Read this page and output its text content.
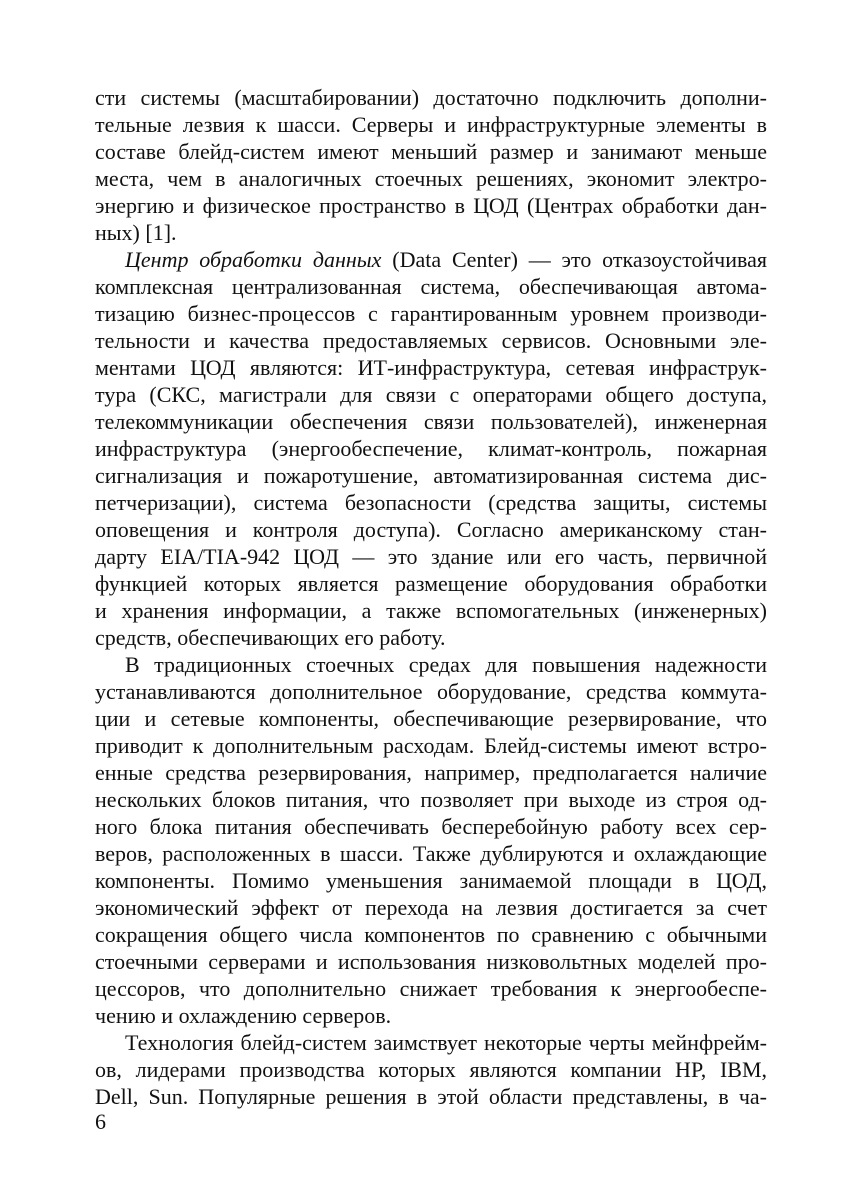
сти системы (масштабировании) достаточно подключить дополни-
тельные лезвия к шасси. Серверы и инфраструктурные элементы в
составе блейд-систем имеют меньший размер и занимают меньше
места, чем в аналогичных стоечных решениях, экономит электро-
энергию и физическое пространство в ЦОД (Центрах обработки дан-
ных) [1].
Центр обработки данных (Data Center) — это отказоустойчивая
комплексная централизованная система, обеспечивающая автома-
тизацию бизнес-процессов с гарантированным уровнем производи-
тельности и качества предоставляемых сервисов. Основными эле-
ментами ЦОД являются: ИТ-инфраструктура, сетевая инфраструк-
тура (СКС, магистрали для связи с операторами общего доступа,
телекоммуникации обеспечения связи пользователей), инженерная
инфраструктура (энергообеспечение, климат-контроль, пожарная
сигнализация и пожаротушение, автоматизированная система дис-
петчеризации), система безопасности (средства защиты, системы
оповещения и контроля доступа). Согласно американскому стан-
дарту EIA/TIA-942 ЦОД — это здание или его часть, первичной
функцией которых является размещение оборудования обработки
и хранения информации, а также вспомогательных (инженерных)
средств, обеспечивающих его работу.
В традиционных стоечных средах для повышения надежности
устанавливаются дополнительное оборудование, средства коммута-
ции и сетевые компоненты, обеспечивающие резервирование, что
приводит к дополнительным расходам. Блейд-системы имеют встро-
енные средства резервирования, например, предполагается наличие
нескольких блоков питания, что позволяет при выходе из строя од-
ного блока питания обеспечивать бесперебойную работу всех сер-
веров, расположенных в шасси. Также дублируются и охлаждающие
компоненты. Помимо уменьшения занимаемой площади в ЦОД,
экономический эффект от перехода на лезвия достигается за счет
сокращения общего числа компонентов по сравнению с обычными
стоечными серверами и использования низковольтных моделей про-
цессоров, что дополнительно снижает требования к энергообеспе-
чению и охлаждению серверов.
Технология блейд-систем заимствует некоторые черты мейнфрейм-
ов, лидерами производства которых являются компании HP, IBM,
Dell, Sun. Популярные решения в этой области представлены, в ча-
6
